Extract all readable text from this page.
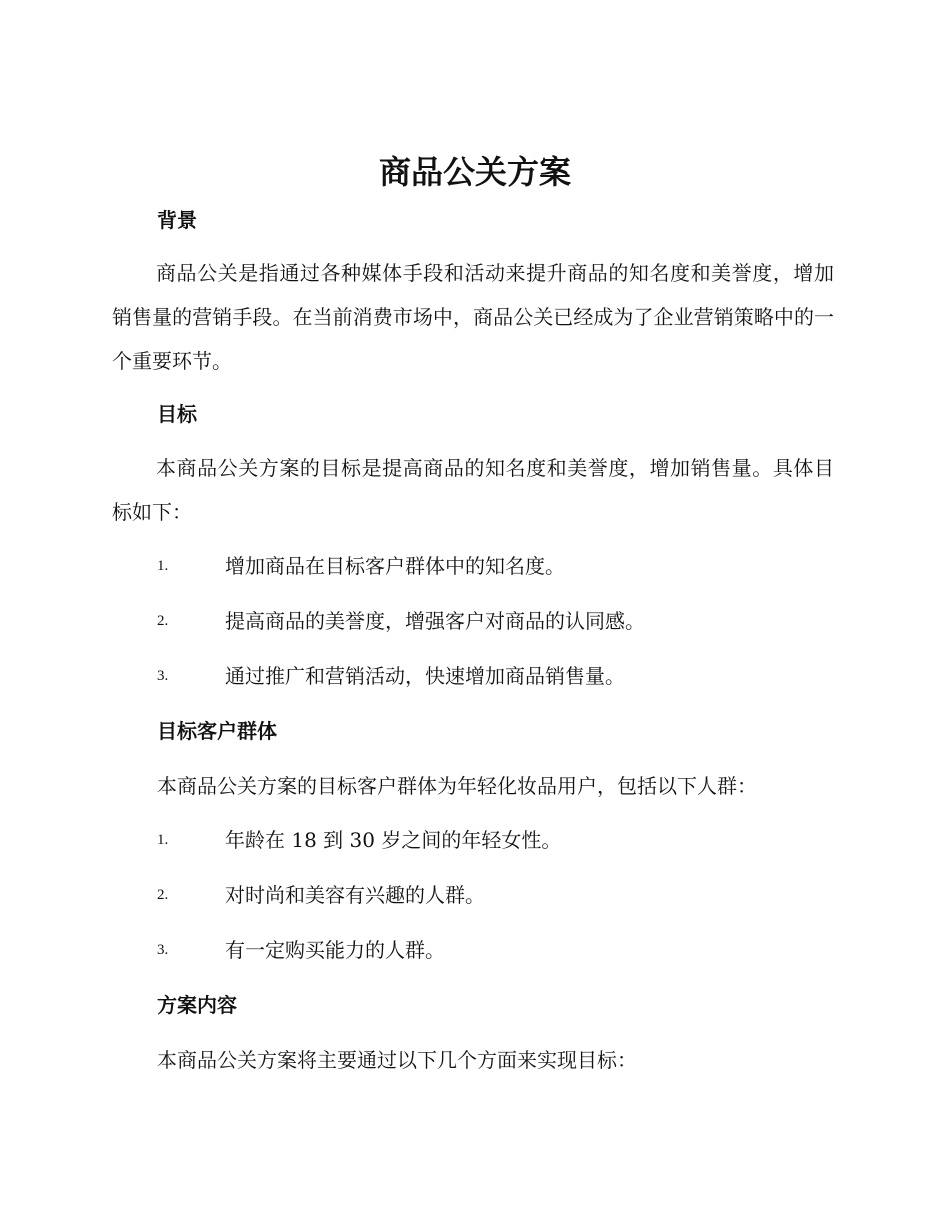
商品公关方案
背景

商品公关是指通过各种媒体手段和活动来提升商品的知名度和美誉度，增加销售量的营销手段。在当前消费市场中，商品公关已经成为了企业营销策略中的一个重要环节。

目标

本商品公关方案的目标是提高商品的知名度和美誉度，增加销售量。具体目标如下：

1.	增加商品在目标客户群体中的知名度。
2.	提高商品的美誉度，增强客户对商品的认同感。
3.	通过推广和营销活动，快速增加商品销售量。
目标客户群体

本商品公关方案的目标客户群体为年轻化妆品用户，包括以下人群：

1.	年龄在 18 到 30 岁之间的年轻女性。
2.	对时尚和美容有兴趣的人群。
3.	有一定购买能力的人群。
方案内容

本商品公关方案将主要通过以下几个方面来实现目标：
